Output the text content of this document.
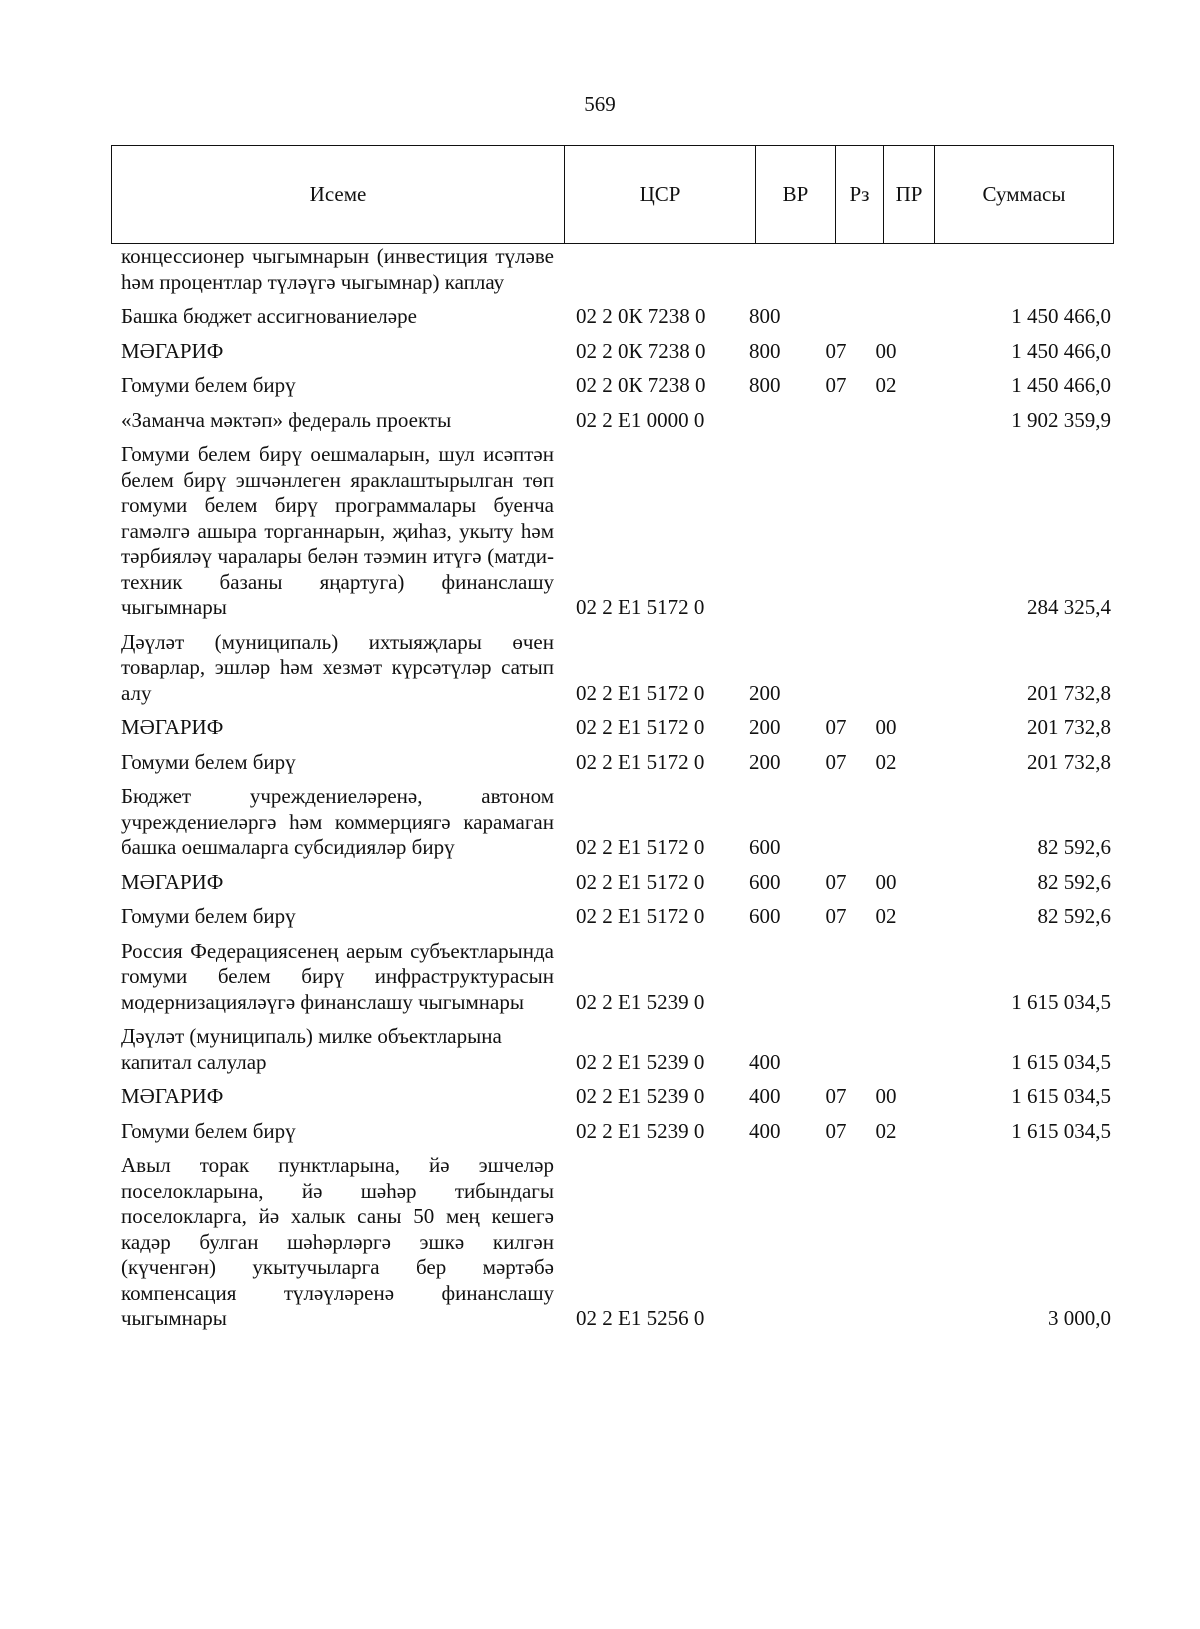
569
Исеме	ЦСР	ВР	Рз	ПР	Суммасы
концессионер чыгымнарын (инвестиция түләве һәм процентлар түләүгә чыгымнар) каплау
Башка бюджет ассигнованиеләре	02 2 0К 7238 0	800	1 450 466,0
МӘГАРИФ	02 2 0К 7238 0	800	07	00	1 450 466,0
Гомуми белем бирү	02 2 0К 7238 0	800	07	02	1 450 466,0
«Заманча мәктәп» федераль проекты	02 2 Е1 0000 0	1 902 359,9
Гомуми белем бирү оешмаларын, шул исәптән белем бирү эшчәнлеген яраклаштырылган төп гомуми белем бирү программалары буенча гамәлгә ашыра торганнарын, җиһаз, укыту һәм тәрбияләү чаралары белән тәэмин итүгә (матди-техник базаны яңартуга) финанслашу чыгымнары	02 2 Е1 5172 0	284 325,4
Дәүләт (муниципаль) ихтыяҗлары өчен товарлар, эшләр һәм хезмәт күрсәтүләр сатып алу	02 2 Е1 5172 0	200	201 732,8
МӘГАРИФ	02 2 Е1 5172 0	200	07	00	201 732,8
Гомуми белем бирү	02 2 Е1 5172 0	200	07	02	201 732,8
Бюджет учреждениеләренә, автоном учреждениеләргә һәм коммерциягә карамаган башка оешмаларга субсидияләр бирү	02 2 Е1 5172 0	600	82 592,6
МӘГАРИФ	02 2 Е1 5172 0	600	07	00	82 592,6
Гомуми белем бирү	02 2 Е1 5172 0	600	07	02	82 592,6
Россия Федерациясенең аерым субъектларында гомуми белем бирү инфраструктурасын модернизацияләүгә финанслашу чыгымнары	02 2 Е1 5239 0	1 615 034,5
Дәүләт (муниципаль) милке объектларына капитал салулар	02 2 Е1 5239 0	400	1 615 034,5
МӘГАРИФ	02 2 Е1 5239 0	400	07	00	1 615 034,5
Гомуми белем бирү	02 2 Е1 5239 0	400	07	02	1 615 034,5
Авыл торак пунктларына, йә эшчеләр поселокларына, йә шәһәр тибындагы поселокларга, йә халык саны 50 мең кешегә кадәр булган шәһәрләргә эшкә килгән (күченгән) укытучыларга бер мәртәбә компенсация түләүләренә финанслашу чыгымнары	02 2 Е1 5256 0	3 000,0
